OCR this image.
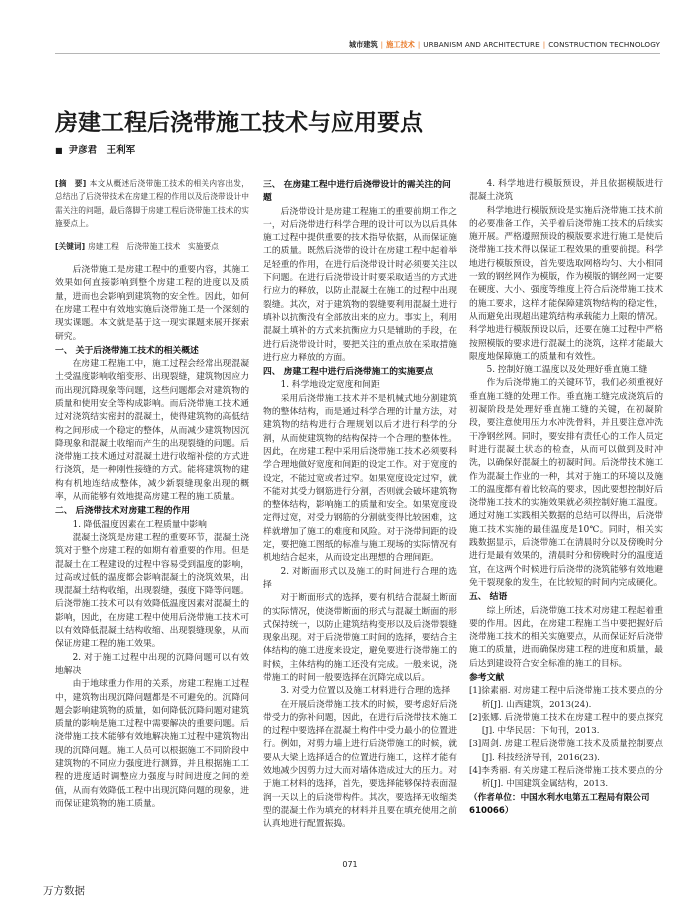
城市建筑 | 施工技术 | URBANISM AND ARCHITECTURE | CONSTRUCTION TECHNOLOGY
房建工程后浇带施工技术与应用要点
■ 尹彦君　王利军

[摘　要] 本文从概述后浇带施工技术的相关内容出发，总结出了后浇带技术在房建工程的作用以及后浇带设计中需关注的问题，最后落脚于房建工程后浇带施工技术的实施要点上。

[关键词] 房建工程　后浇带施工技术　实施要点

后浇带施工是房建工程中的重要内容，其施工效果如何直接影响到整个房建工程的进度以及质量，进而也会影响到建筑物的安全性。因此，如何在房建工程中有效地实施后浇带施工是一个深刻的现实课题。本文就是基于这一现实课题来展开探索研究。

一、 关于后浇带施工技术的相关概述

在房建工程施工中，施工过程会经常出现混凝土受温度影响收缩变形、出现裂缝，建筑物因应力而出现沉降现象等问题，这些问题都会对建筑物的质量和使用安全等构成影响。而后浇带施工技术通过对浇筑结实密封的混凝土，使得建筑物的高低结构之间形成一个稳定的整体，从而减少建筑物因沉降现象和混凝土收缩而产生的出现裂缝的问题。后浇带施工技术通过对混凝土进行收缩补偿的方式进行浇筑，是一种刚性接缝的方式。能将建筑物的建构有机地连结成整体，减少新裂缝现象出现的概率，从而能够有效地提高房建工程的施工质量。

二、 后浇带技术对房建工程的作用
1. 降低温度因素在工程质量中影响

混凝土浇筑是房建工程的重要环节，混凝土浇筑对于整个房建工程的如期有着重要的作用。但是混凝土在工程建设的过程中容易受到温度的影响，过高或过低的温度都会影响混凝土的浇筑效果，出现混凝土结构收缩，出现裂缝，强度下降等问题。后浇带施工技术可以有效降低温度因素对混凝土的影响，因此，在房建工程中使用后浇带施工技术可以有效降低混凝土结构收缩、出现裂缝现象，从而保证房建工程的施工效果。

2. 对于施工过程中出现的沉降问题可以有效地解决

由于地球重力作用的关系，房建工程施工过程中，建筑物出现沉降问题都是不可避免的。沉降问题会影响建筑物的质量，如何降低沉降问题对建筑质量的影响是施工过程中需要解决的重要问题。后浇带施工技术能够有效地解决施工过程中建筑物出现的沉降问题。施工人员可以根据施工不同阶段中建筑物的不同应力强度进行测算，并且根据施工工程的进度适时调整应力强度与时间进度之间的差值，从而有效降低工程中出现沉降问题的现象，进而保证建筑物的施工质量。

三、 在房建工程中进行后浇带设计的需关注的问题

后浇带设计是房建工程施工的重要前期工作之一，对后浇带进行科学合理的设计可以为以后具体施工过程中提供重要的技术指导依据，从而保证施工的质量。既然后浇带的设计在房建工程中起着举足轻重的作用，在进行后浇带设计时必须要关注以下问题。在进行后浇带设计时要采取适当的方式进行应力的释放，以防止混凝土在施工的过程中出现裂缝。其次，对于建筑物的裂缝要利用混凝土进行填补以抗衡没有全部放出来的应力。事实上，利用混凝土填补的方式来抗衡应力只是辅助的手段，在进行后浇带设计时，要把关注的重点放在采取措施进行应力释放的方面。

四、 房建工程中进行后浇带施工的实施要点
1. 科学地设定宽度和间距

采用后浇带施工技术并不是机械式地分割建筑物的整体结构，而是通过科学合理的计量方法，对建筑物的结构进行合理规划以后才进行科学的分割，从而使建筑物的结构保持一个合理的整体性。因此，在房建工程中采用后浇带施工技术必须要科学合理地做好宽度和间距的设定工作。对于宽度的设定，不能过宽或者过窄。如果宽度设定过窄，就不能对其受力钢筋进行分割，否则就会破坏建筑物的整体结构，影响施工的质量和安全。如果宽度设定得过宽，对受力钢筋的分割就变得比较困难，这样就增加了施工的难度和风险。对于浇带间距的设定，要把施工图纸的标准与施工现场的实际情况有机地结合起来，从而设定出理想的合理间距。

2. 对断面形式以及施工的时间进行合理的选择

对于断面形式的选择，要有机结合混凝土断面的实际情况，使浇带断面的形式与混凝土断面的形式保持统一，以防止建筑结构变形以及后浇带裂缝现象出现。对于后浇带施工时间的选择，要结合主体结构的施工进度来设定，避免要进行浇带施工的时候，主体结构的施工还没有完成。一般来说，浇带施工的时间一般要选择在沉降完成以后。

3. 对受力位置以及施工材料进行合理的选择

在开展后浇带施工技术的时候，要考虑好后浇带受力的弥补问题，因此，在进行后浇带技术施工的过程中要选择在混凝土构件中受力最小的位置进行。例如，对剪力墙上进行后浇带施工的时候，就要从大梁上选择适合的位置进行施工，这样才能有效地减少因剪力过大而对墙体造成过大的压力。对于施工材料的选择，首先，要选择能够保持表面湿润一天以上的后浇带构件。其次，要选择无收缩类型的混凝土作为填充的材料并且要在填充使用之前认真地进行配置振捣。

4. 科学地进行模版预设，并且依据模版进行混凝土浇筑

科学地进行模版预设是实施后浇带施工技术前的必要准备工作，关乎着后浇带施工技术的后续实施开展。严格遵照预设的模版要求进行施工是使后浇带施工技术得以保证工程效果的重要前提。科学地进行模版预设，首先要选取网格均匀、大小相同一致的钢丝网作为模版，作为模版的钢丝网一定要在硬度、大小、强度等维度上符合后浇带施工技术的施工要求，这样才能保障建筑物结构的稳定性，从而避免出现超出建筑结构承载能力上限的情况。科学地进行模版预设以后，还要在施工过程中严格按照模版的要求进行混凝土的浇筑，这样才能最大限度地保障施工的质量和有效性。

5. 控制好施工温度以及处理好垂直施工缝

作为后浇带施工的关键环节，我们必须重视好垂直施工缝的处理工作。垂直施工缝完成浇筑后的初凝阶段是处理好垂直施工缝的关键，在初凝阶段，要注意使用压力水冲洗骨料，并且要注意冲洗干净钢丝网。同时，要安排有责任心的工作人员定时进行混凝土状态的检查，从而可以做到及时冲洗，以确保好混凝土的初凝时间。后浇带技术施工作为混凝土作业的一种，其对于施工的环境以及施工的温度都有着比较高的要求，因此要想控制好后浇带施工技术的实施效果就必须控制好施工温度。通过对施工实践相关数据的总结可以得出，后浇带施工技术实施的最佳温度是10℃。同时，相关实践数据显示，后浇带施工在清晨时分以及傍晚时分进行是最有效果的，清晨时分和傍晚时分的温度适宜，在这两个时候进行后浇带的浇筑能够有效地避免干裂现象的发生，在比较短的时间内完成硬化。

五、 结语

综上所述，后浇带施工技术对房建工程起着重要的作用。因此，在房建工程施工当中要把握好后浇带施工技术的相关实施要点，从而保证好后浇带施工的质量，进而确保房建工程的进度和质量，最后达到建设符合安全标准的施工的目标。

参考文献
[1]徐素丽. 对房建工程中后浇带施工技术要点的分析[J]. 山西建筑，2013(24).
[2]张娜. 后浇带施工技术在房建工程中的要点探究[J]. 中华民居：下旬刊，2013.
[3]周剑. 房建工程后浇带施工技术及质量控制要点[J]. 科技经济导刊，2016(23).
[4]李秀丽. 有关房建工程后浇带施工技术要点的分析[J]. 中国建筑金属结构，2013.

（作者单位：中国水利水电第五工程局有限公司 610066）

071
万方数据
